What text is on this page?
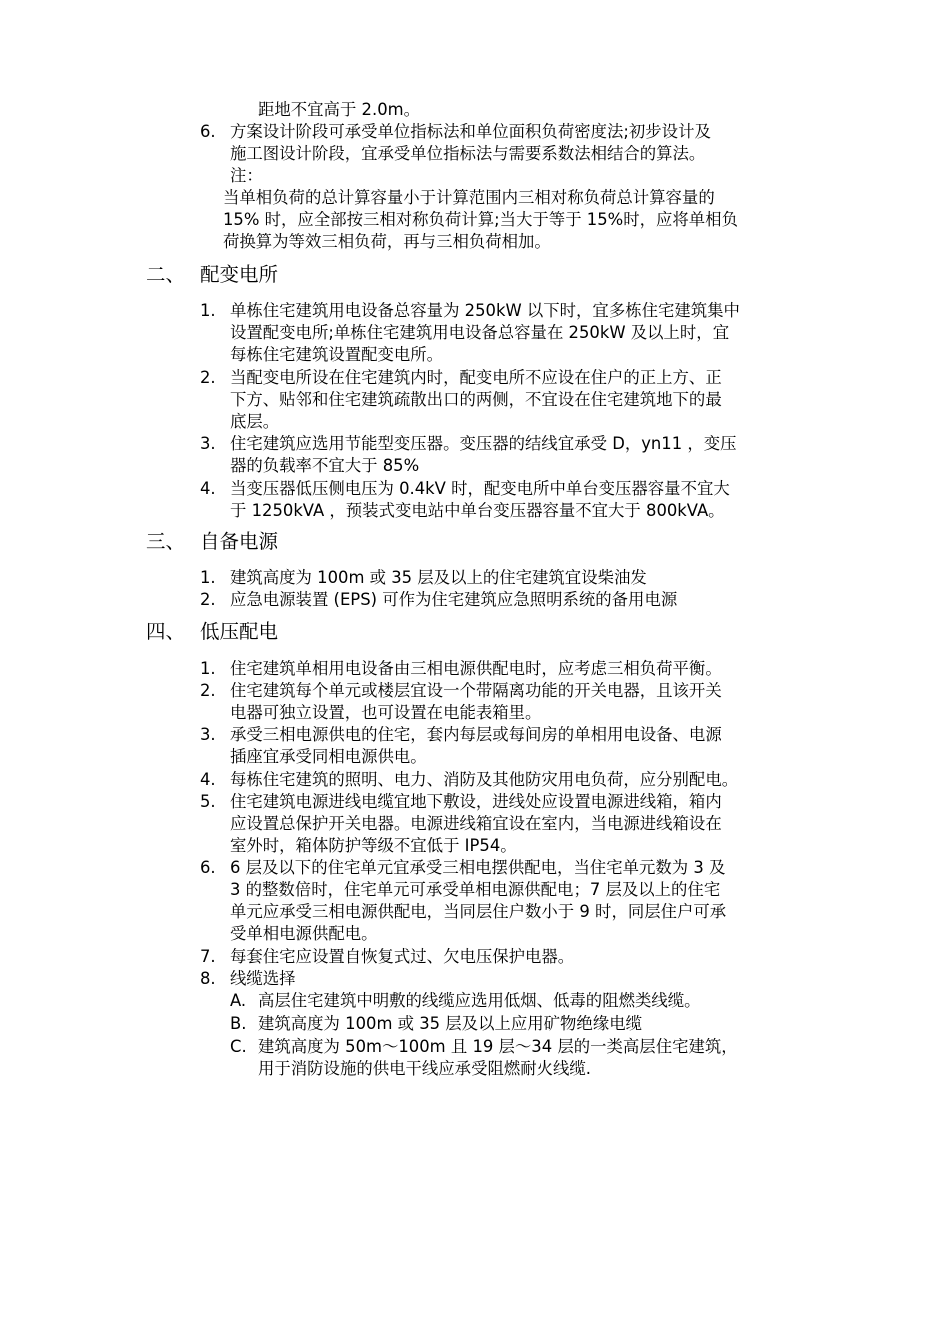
距地不宜高于 2.0m。
6. 方案设计阶段可承受单位指标法和单位面积负荷密度法;初步设计及
施工图设计阶段，宜承受单位指标法与需要系数法相结合的算法。
注：
当单相负荷的总计算容量小于计算范围内三相对称负荷总计算容量的
15% 时，应全部按三相对称负荷计算;当大于等于 15%时，应将单相负
荷换算为等效三相负荷，再与三相负荷相加。
二、 配变电所
1. 单栋住宅建筑用电设备总容量为 250kW 以下时，宜多栋住宅建筑集中
设置配变电所;单栋住宅建筑用电设备总容量在 250kW 及以上时，宜
每栋住宅建筑设置配变电所。
2. 当配变电所设在住宅建筑内时，配变电所不应设在住户的正上方、正
下方、贴邻和住宅建筑疏散出口的两侧，不宜设在住宅建筑地下的最
底层。
3. 住宅建筑应选用节能型变压器。变压器的结线宜承受 D，yn11 ，变压
器的负载率不宜大于 85%
4. 当变压器低压侧电压为 0.4kV 时，配变电所中单台变压器容量不宜大
于 1250kVA ，预装式变电站中单台变压器容量不宜大于 800kVA。
三、 自备电源
1. 建筑高度为 100m 或 35 层及以上的住宅建筑宜设柴油发
2. 应急电源装置 (EPS) 可作为住宅建筑应急照明系统的备用电源
四、 低压配电
1. 住宅建筑单相用电设备由三相电源供配电时，应考虑三相负荷平衡。
2. 住宅建筑每个单元或楼层宜设一个带隔离功能的开关电器，且该开关
电器可独立设置，也可设置在电能表箱里。
3. 承受三相电源供电的住宅，套内每层或每间房的单相用电设备、电源
插座宜承受同相电源供电。
4. 每栋住宅建筑的照明、电力、消防及其他防灾用电负荷，应分别配电。
5. 住宅建筑电源进线电缆宜地下敷设，进线处应设置电源进线箱，箱内
应设置总保护开关电器。电源进线箱宜设在室内，当电源进线箱设在
室外时，箱体防护等级不宜低于 IP54。
6. 6 层及以下的住宅单元宜承受三相电摆供配电，当住宅单元数为 3 及
3 的整数倍时，住宅单元可承受单相电源供配电；7 层及以上的住宅
单元应承受三相电源供配电，当同层住户数小于 9 时，同层住户可承
受单相电源供配电。
7. 每套住宅应设置自恢复式过、欠电压保护电器。
8. 线缆选择
A. 高层住宅建筑中明敷的线缆应选用低烟、低毒的阻燃类线缆。
B. 建筑高度为 100m 或 35 层及以上应用矿物绝缘电缆
C. 建筑高度为 50m～100m 且 19 层～34 层的一类高层住宅建筑，
用于消防设施的供电干线应承受阻燃耐火线缆.
